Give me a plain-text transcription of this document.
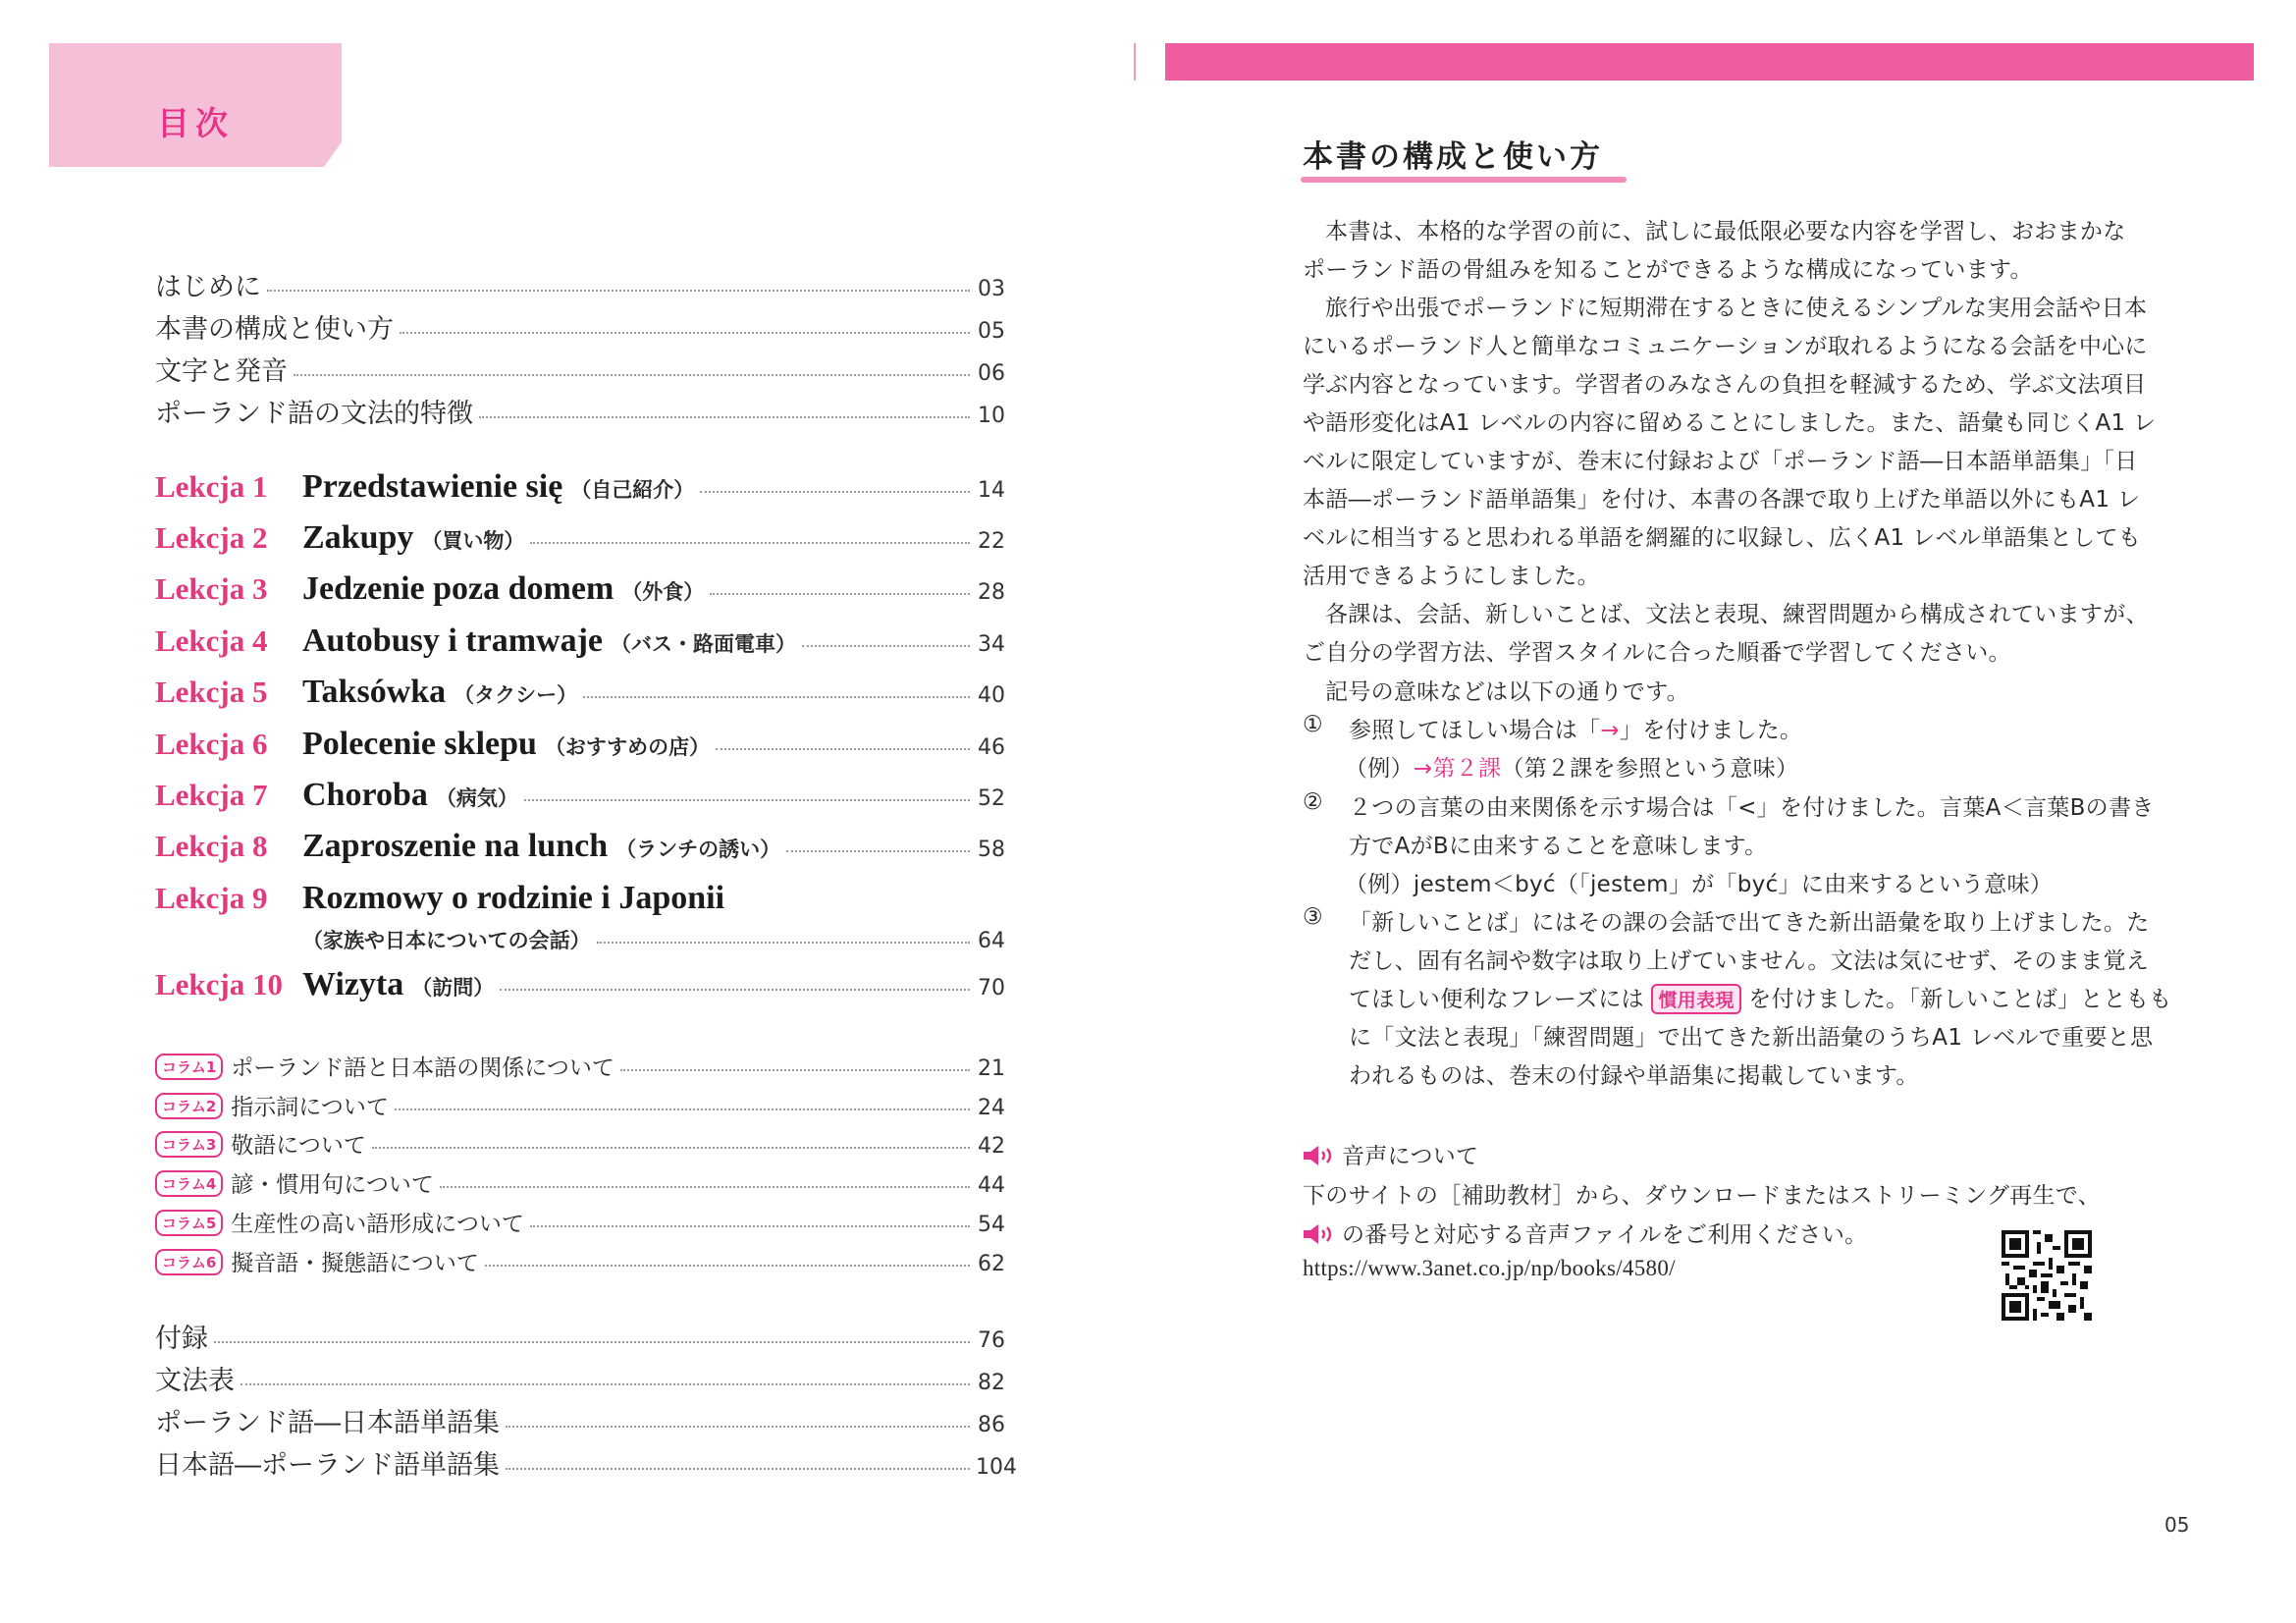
目次
はじめに	03
本書の構成と使い方	05
文字と発音	06
ポーランド語の文法的特徴	10
Lekcja 1	Przedstawienie się （自己紹介）	14
Lekcja 2	Zakupy （買い物）	22
Lekcja 3	Jedzenie poza domem （外食）	28
Lekcja 4	Autobusy i tramwaje （バス・路面電車）	34
Lekcja 5	Taksówka （タクシー）	40
Lekcja 6	Polecenie sklepu （おすすめの店）	46
Lekcja 7	Choroba （病気）	52
Lekcja 8	Zaproszenie na lunch （ランチの誘い）	58
Lekcja 9	Rozmowy o rodzinie i Japonii
（家族や日本についての会話）	64
Lekcja 10 Wizyta （訪問）	70
コラム1 ポーランド語と日本語の関係について	21
コラム2 指示詞について	24
コラム3 敬語について	42
コラム4 諺・慣用句について	44
コラム5 生産性の高い語形成について	54
コラム6 擬音語・擬態語について	62
付録	76
文法表	82
ポーランド語―日本語単語集	86
日本語―ポーランド語単語集	104
本書の構成と使い方
本書は、本格的な学習の前に、試しに最低限必要な内容を学習し、おおまかな
ポーランド語の骨組みを知ることができるような構成になっています。
旅行や出張でポーランドに短期滞在するときに使えるシンプルな実用会話や日本
にいるポーランド人と簡単なコミュニケーションが取れるようになる会話を中心に
学ぶ内容となっています。学習者のみなさんの負担を軽減するため、学ぶ文法項目
や語形変化はA1 レベルの内容に留めることにしました。また、語彙も同じくA1 レ
ベルに限定していますが、巻末に付録および「ポーランド語―日本語単語集」「日
本語―ポーランド語単語集」を付け、本書の各課で取り上げた単語以外にもA1 レ
ベルに相当すると思われる単語を網羅的に収録し、広くA1 レベル単語集としても
活用できるようにしました。
各課は、会話、新しいことば、文法と表現、練習問題から構成されていますが、
ご自分の学習方法、学習スタイルに合った順番で学習してください。
記号の意味などは以下の通りです。
① 参照してほしい場合は「→」を付けました。
（例）→第２課（第２課を参照という意味）
② ２つの言葉の由来関係を示す場合は「<」を付けました。言葉A＜言葉Bの書き
方でAがBに由来することを意味します。
（例）jestem＜być（「jestem」が「być」に由来するという意味）
③ 「新しいことば」にはその課の会話で出てきた新出語彙を取り上げました。た
だし、固有名詞や数字は取り上げていません。文法は気にせず、そのまま覚え
てほしい便利なフレーズには 慣用表現 を付けました。「新しいことば」とともも
に「文法と表現」「練習問題」で出てきた新出語彙のうちA1 レベルで重要と思
われるものは、巻末の付録や単語集に掲載しています。
音声について
下のサイトの［補助教材］から、ダウンロードまたはストリーミング再生で、
の番号と対応する音声ファイルをご利用ください。
https://www.3anet.co.jp/np/books/4580/
05
